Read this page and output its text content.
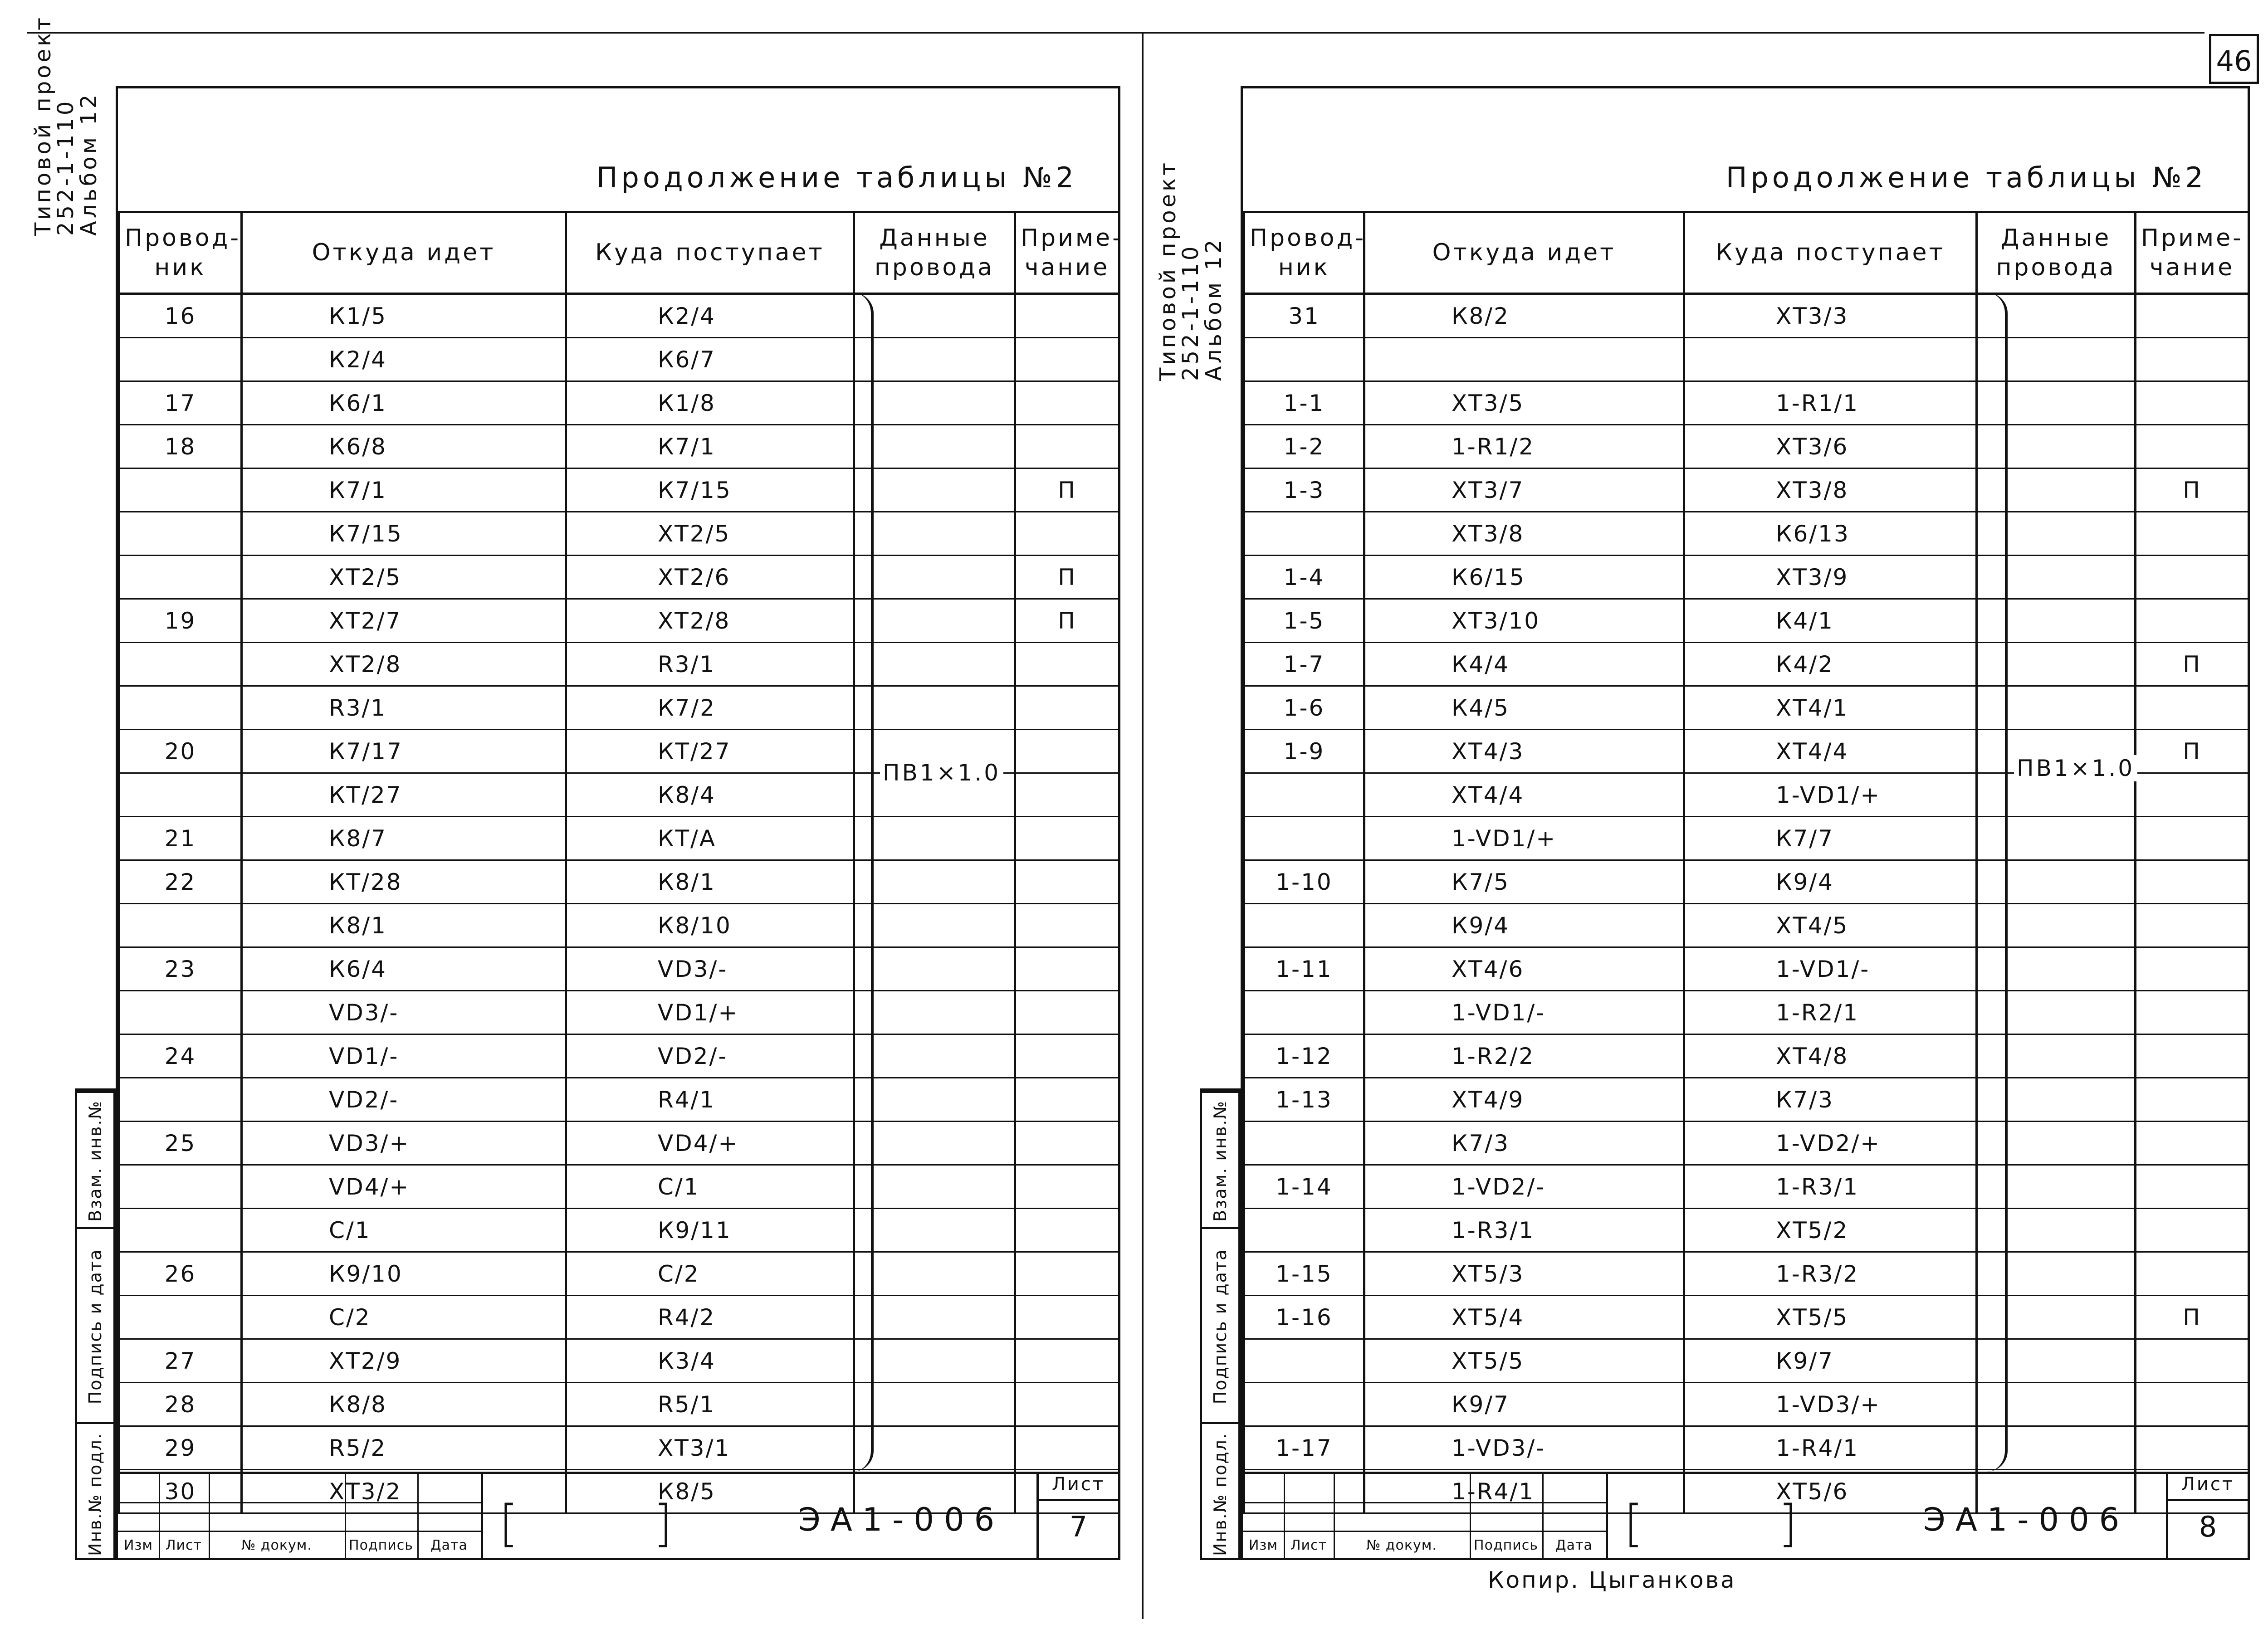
46
Типовой проект
252-1-110
Альбом 12
Взам. инв.№
Подпись и дата
Инв.№ подл.
Типовой проект
252-1-110
Альбом 12
Взам. инв.№
Подпись и дата
Инв.№ подл.
Продолжение таблицы №2
Провод-ник	Откуда идет	Куда поступает	Данные провода	Приме-чание
16	К1/5	К2/4		
	К2/4	К6/7		
17	К6/1	К1/8		
18	К6/8	К7/1		
	К7/1	К7/15		П
	К7/15	ХТ2/5		
	ХТ2/5	ХТ2/6		П
19	ХТ2/7	ХТ2/8		П
	ХТ2/8	R3/1		
	R3/1	К7/2		
20	К7/17	КТ/27		
	КТ/27	К8/4		
21	К8/7	КТ/А		
22	КТ/28	К8/1		
	К8/1	К8/10		
23	К6/4	VD3/-		
	VD3/-	VD1/+		
24	VD1/-	VD2/-		
	VD2/-	R4/1		
25	VD3/+	VD4/+		
	VD4/+	С/1		
	С/1	К9/11		
26	К9/10	С/2		
	С/2	R4/2		
27	ХТ2/9	К3/4		
28	К8/8	R5/1		
29	R5/2	ХТ3/1		
30	ХТ3/2	К8/5		
ПВ1×1.0
Изм Лист	№ докум.	Подпись	Дата [	]	ЭА1-006
Лист
7
Продолжение таблицы №2
Провод-ник	Откуда идет	Куда поступает	Данные провода	Приме-чание
31	К8/2	ХТ3/3		

1-1	ХТ3/5	1-R1/1		
1-2	1-R1/2	ХТ3/6		
1-3	ХТ3/7	ХТ3/8		П
	ХТ3/8	К6/13		
1-4	К6/15	ХТ3/9		
1-5	ХТ3/10	К4/1		
1-7	К4/4	К4/2		П
1-6	К4/5	ХТ4/1		
1-9	ХТ4/3	ХТ4/4		П
	ХТ4/4	1-VD1/+		
	1-VD1/+	К7/7		
1-10	К7/5	К9/4		
	К9/4	ХТ4/5		
1-11	ХТ4/6	1-VD1/-		
	1-VD1/-	1-R2/1		
1-12	1-R2/2	ХТ4/8		
1-13	ХТ4/9	К7/3		
	К7/3	1-VD2/+		
1-14	1-VD2/-	1-R3/1		
	1-R3/1	ХТ5/2		
1-15	ХТ5/3	1-R3/2		
1-16	ХТ5/4	ХТ5/5		П
	ХТ5/5	К9/7		
	К9/7	1-VD3/+		
1-17	1-VD3/-	1-R4/1		
	1-R4/1	ХТ5/6		
ПВ1×1.0
Изм Лист	№ докум.	Подпись	Дата [	]	ЭА1-006
Лист
8
Копир. Цыганкова
